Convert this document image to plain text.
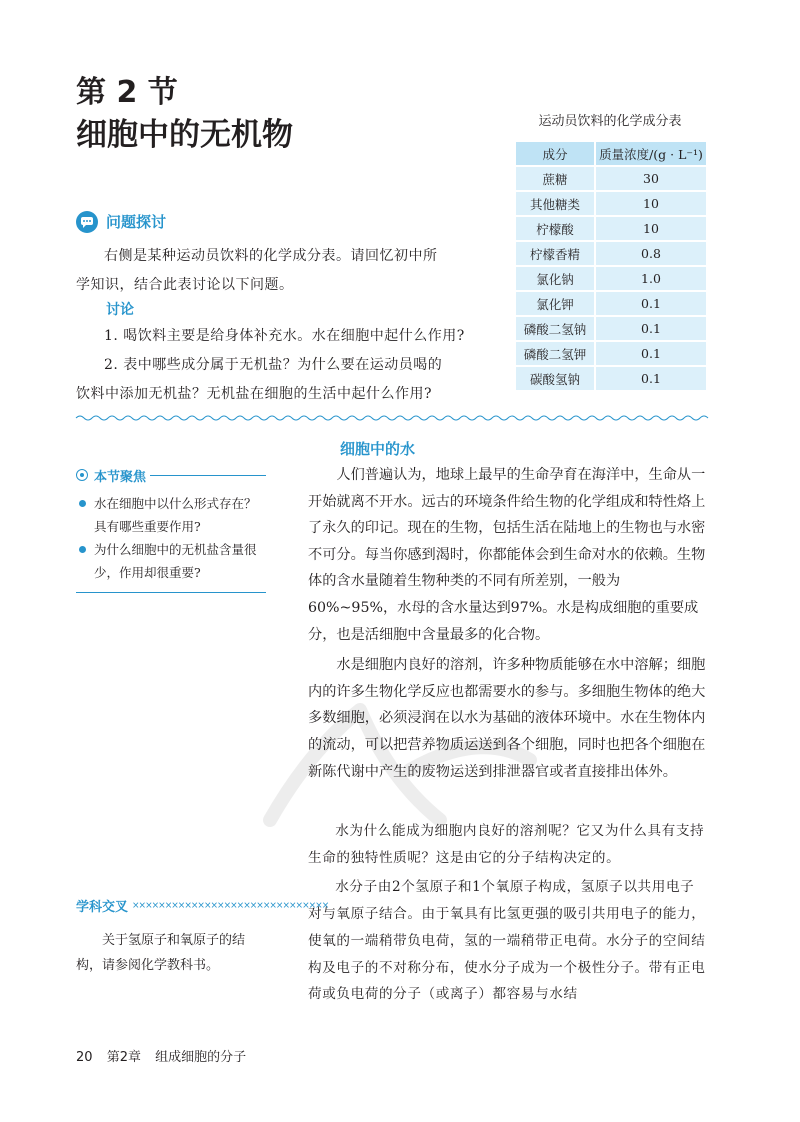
第 2 节
细胞中的无机物	运动员饮料的化学成分表
成分	质量浓度/(g · L⁻¹)
蔗糖	30
其他糖类	10
柠檬酸	10
柠檬香精	0.8
氯化钠	1.0
氯化钾	0.1
磷酸二氢钠	0.1
磷酸二氢钾	0.1
碳酸氢钠	0.1
问题探讨
右侧是某种运动员饮料的化学成分表。请回忆初中所
学知识，结合此表讨论以下问题。
讨论
1. 喝饮料主要是给身体补充水。水在细胞中起什么作用?
2. 表中哪些成分属于无机盐？为什么要在运动员喝的
饮料中添加无机盐？无机盐在细胞的生活中起什么作用?
细胞中的水

人们普遍认为，地球上最早的生命孕育在海洋中，生命从一开始就离不开水。远古的环境条件给生物的化学组成和特性烙上了永久的印记。现在的生物，包括生活在陆地上的生物也与水密不可分。每当你感到渴时，你都能体会到生命对水的依赖。生物体的含水量随着生物种类的不同有所差别，一般为60%~95%，水母的含水量达到97%。水是构成细胞的重要成分，也是活细胞中含量最多的化合物。

水是细胞内良好的溶剂，许多种物质能够在水中溶解；细胞内的许多生物化学反应也都需要水的参与。多细胞生物体的绝大多数细胞，必须浸润在以水为基础的液体环境中。水在生物体内的流动，可以把营养物质运送到各个细胞，同时也把各个细胞在新陈代谢中产生的废物运送到排泄器官或者直接排出体外。

水为什么能成为细胞内良好的溶剂呢？它又为什么具有支持生命的独特性质呢？这是由它的分子结构决定的。

水分子由2个氢原子和1个氧原子构成，氢原子以共用电子对与氧原子结合。由于氧具有比氢更强的吸引共用电子的能力，使氧的一端稍带负电荷，氢的一端稍带正电荷。水分子的空间结构及电子的不对称分布，使水分子成为一个极性分子。带有正电荷或负电荷的分子（或离子）都容易与水结

本节聚焦
水在细胞中以什么形式存在？具有哪些重要作用?
为什么细胞中的无机盐含量很少，作用却很重要?
学科交叉 ××××××××××××××××××××××××××××××

关于氢原子和氧原子的结构，请参阅化学教科书。

20 第2章 组成细胞的分子
